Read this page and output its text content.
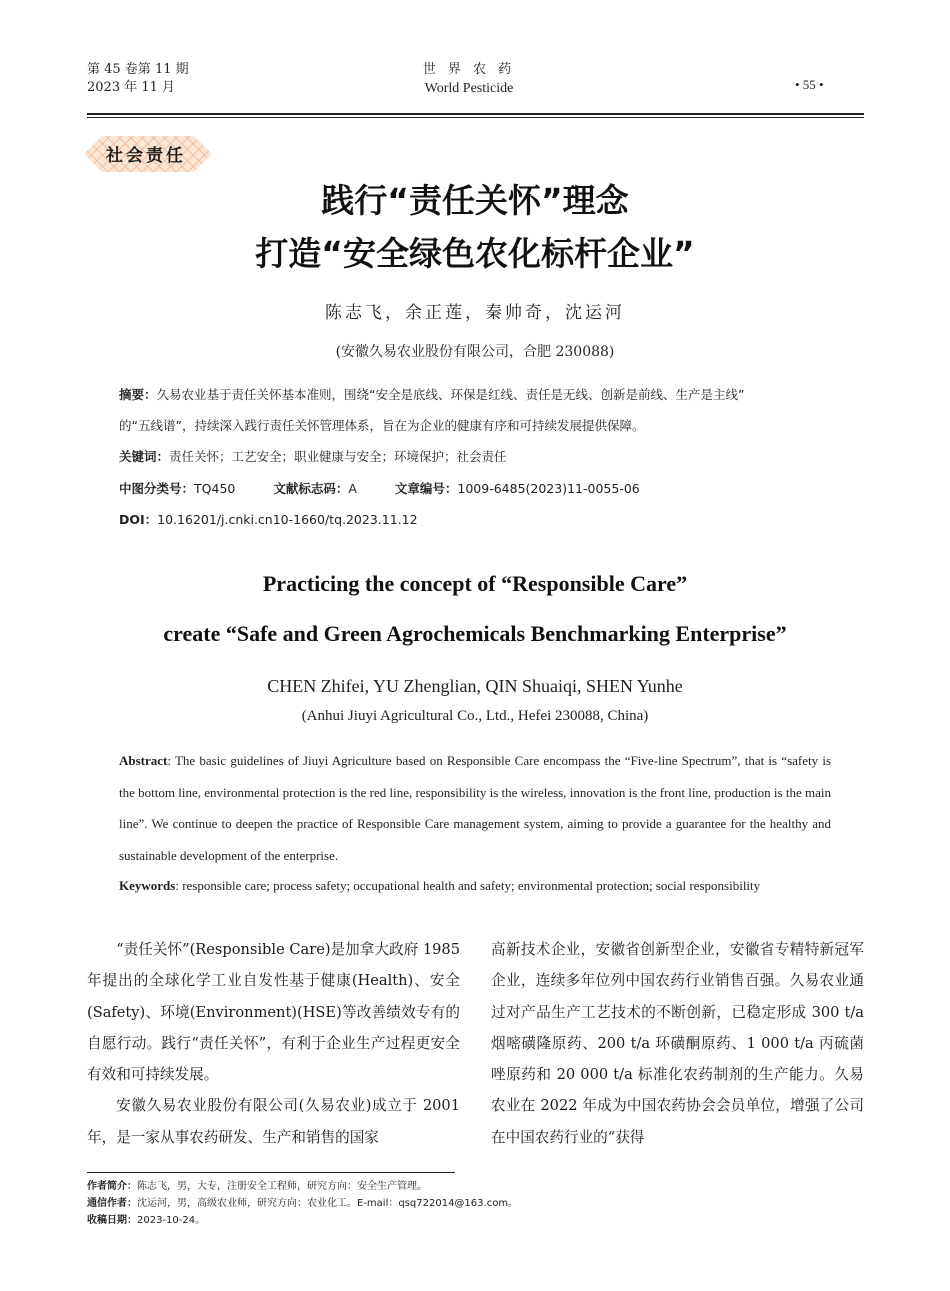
第 45 卷第 11 期
2023 年 11 月
世 界 农 药
World Pesticide	• 55 •
社会责任
践行“责任关怀”理念
打造“安全绿色农化标杆企业”
陈志飞，余正莲，秦帅奇，沈运河
(安徽久易农业股份有限公司，合肥 230088)
摘要：久易农业基于责任关怀基本准则，围绕“安全是底线、环保是红线、责任是无线、创新是前线、生产是主线”
的“五线谱”，持续深入践行责任关怀管理体系，旨在为企业的健康有序和可持续发展提供保障。
关键词：责任关怀；工艺安全；职业健康与安全；环境保护；社会责任
中图分类号：TQ450	文献标志码：A	文章编号：1009-6485(2023)11-0055-06
DOI：10.16201/j.cnki.cn10-1660/tq.2023.11.12
Practicing the concept of “Responsible Care”
create “Safe and Green Agrochemicals Benchmarking Enterprise”
CHEN Zhifei, YU Zhenglian, QIN Shuaiqi, SHEN Yunhe
(Anhui Jiuyi Agricultural Co., Ltd., Hefei 230088, China)
Abstract: The basic guidelines of Jiuyi Agriculture based on Responsible Care encompass the “Five-line Spectrum”, that is “safety is the bottom line, environmental protection is the red line, responsibility is the wireless, innovation is the front line, production is the main line”. We continue to deepen the practice of Responsible Care management system, aiming to provide a guarantee for the healthy and sustainable development of the enterprise.
Keywords: responsible care; process safety; occupational health and safety; environmental protection; social responsibility

“责任关怀”(Responsible Care)是加拿大政府 1985 年提出的全球化学工业自发性基于健康(Health)、安全(Safety)、环境(Environment)(HSE)等改善绩效专有的自愿行动。践行“责任关怀”，有利于企业生产过程更安全有效和可持续发展。

安徽久易农业股份有限公司(久易农业)成立于 2001 年，是一家从事农药研发、生产和销售的国家

高新技术企业，安徽省创新型企业，安徽省专精特新冠军企业，连续多年位列中国农药行业销售百强。久易农业通过对产品生产工艺技术的不断创新，已稳定形成 300 t/a 烟嘧磺隆原药、200 t/a 环磺酮原药、1 000 t/a 丙硫菌唑原药和 20 000 t/a 标准化农药制剂的生产能力。久易农业在 2022 年成为中国农药协会会员单位，增强了公司在中国农药行业的“获得

作者简介：陈志飞，男，大专，注册安全工程师，研究方向：安全生产管理。
通信作者：沈运河，男，高级农业师，研究方向：农业化工。E-mail：qsq722014@163.com。
收稿日期：2023-10-24。
